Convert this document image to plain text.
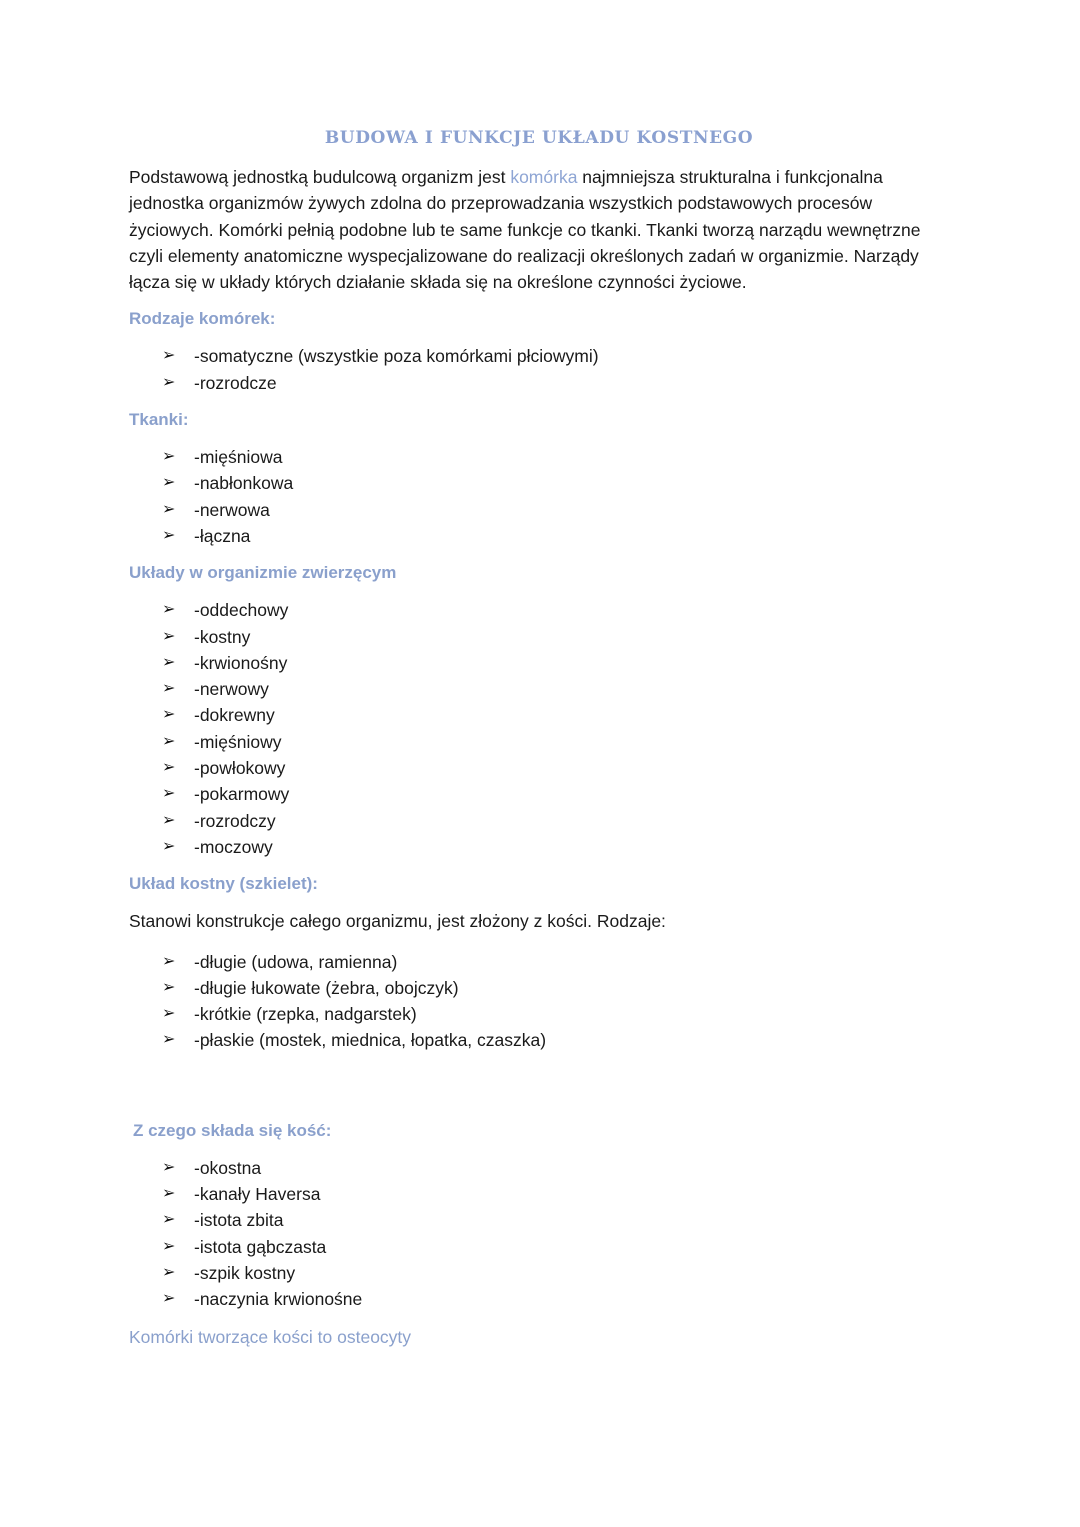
BUDOWA I FUNKCJE UKŁADU KOSTNEGO

Podstawową jednostką budulcową organizm jest komórka najmniejsza strukturalna i funkcjonalna jednostka organizmów żywych zdolna do przeprowadzania wszystkich podstawowych procesów życiowych. Komórki pełnią podobne lub te same funkcje co tkanki. Tkanki tworzą narządu wewnętrzne czyli elementy anatomiczne wyspecjalizowane do realizacji określonych zadań w organizmie. Narządy łącza się w układy których działanie składa się na określone czynności życiowe.

Rodzaje komórek:
➢	-somatyczne (wszystkie poza komórkami płciowymi)
➢	-rozrodcze
Tkanki:
➢	-mięśniowa
➢	-nabłonkowa
➢	-nerwowa
➢	-łączna
Układy w organizmie zwierzęcym
➢	-oddechowy
➢	-kostny
➢	-krwionośny
➢	-nerwowy
➢	-dokrewny
➢	-mięśniowy
➢	-powłokowy
➢	-pokarmowy
➢	-rozrodczy
➢	-moczowy
Układ kostny (szkielet):

Stanowi konstrukcje całego organizmu, jest złożony z kości. Rodzaje:

➢	-długie (udowa, ramienna)
➢	-długie łukowate (żebra, obojczyk)
➢	-krótkie (rzepka, nadgarstek)
➢	-płaskie (mostek, miednica, łopatka, czaszka)
Z czego składa się kość:
➢	-okostna
➢	-kanały Haversa
➢	-istota zbita
➢	-istota gąbczasta
➢	-szpik kostny
➢	-naczynia krwionośne

Komórki tworzące kości to osteocyty
